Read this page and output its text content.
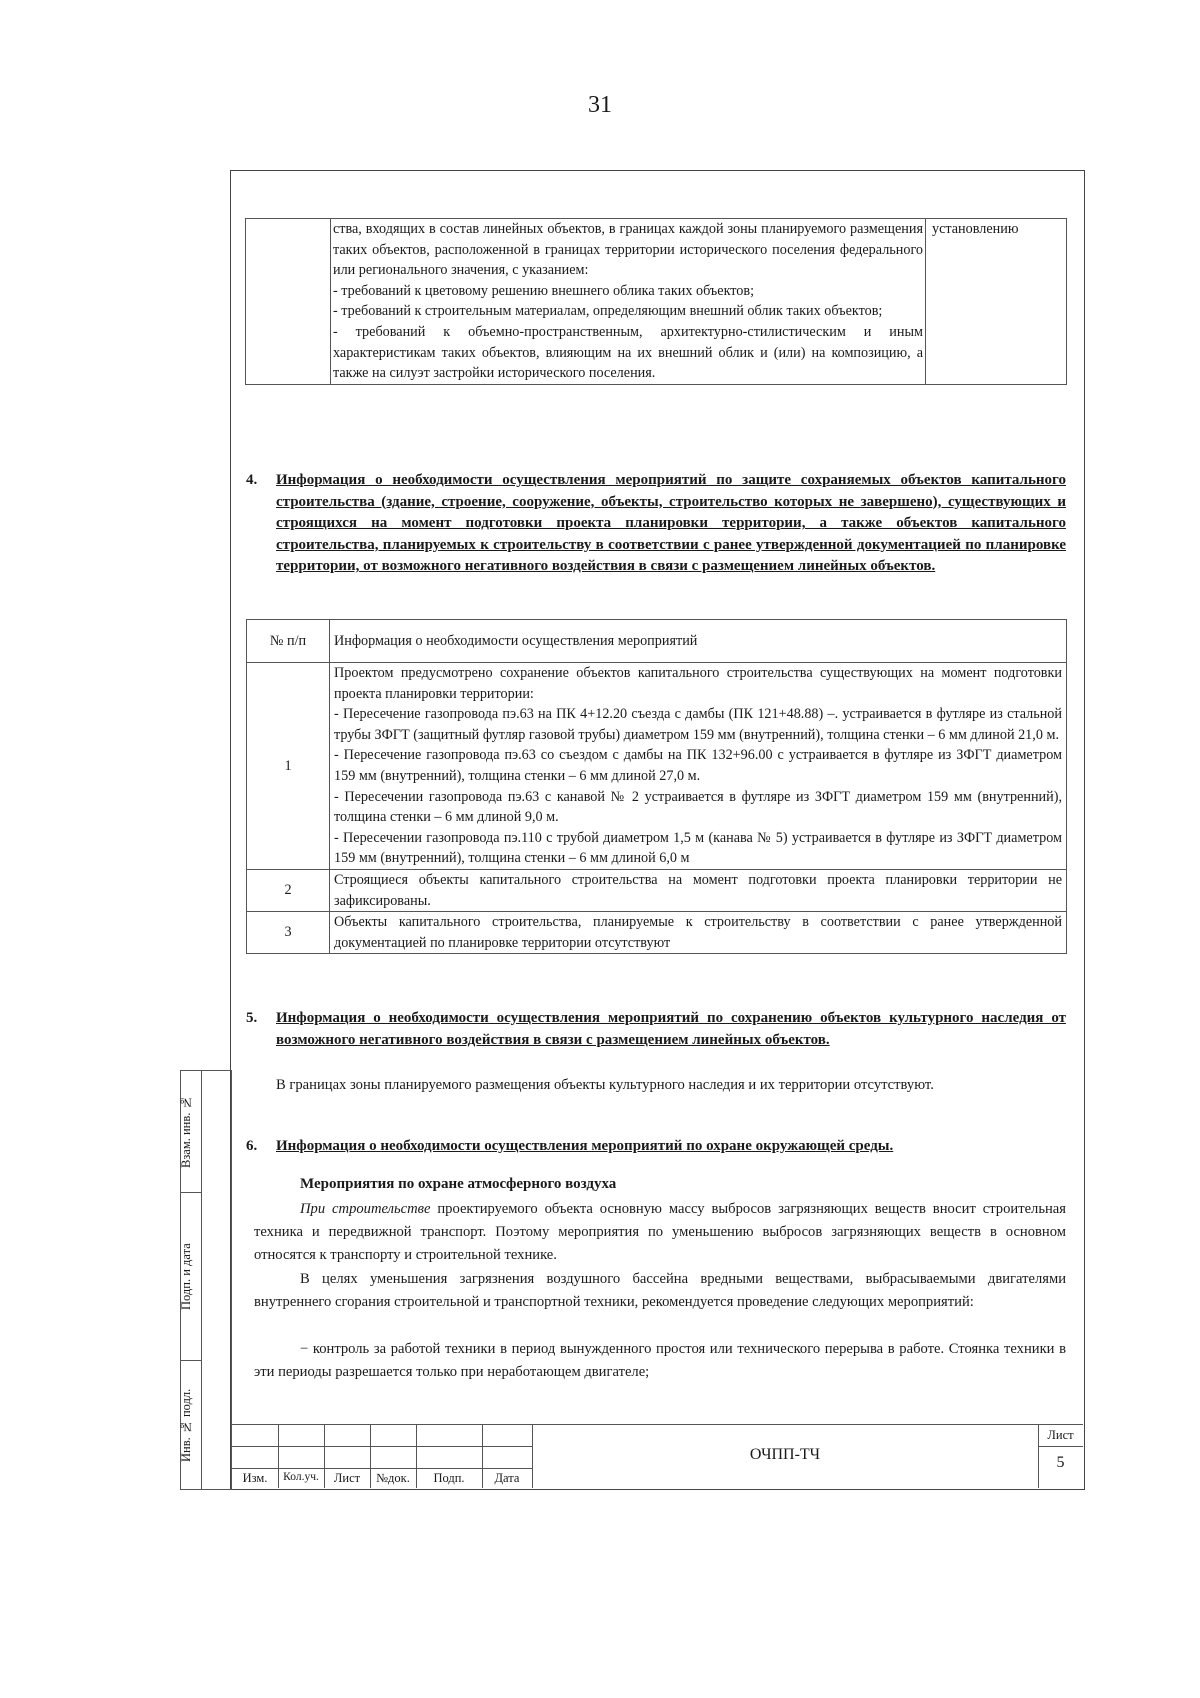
31

ства, входящих в состав линейных объектов, в границах каждой зоны планируемого размещения таких объектов, расположенной в границах территории исторического поселения федерального или регионального значения, с указанием:
- требований к цветовому решению внешнего облика таких объектов;
- требований к строительным материалам, определяющим внешний облик таких объектов;
- требований к объемно-пространственным, архитектурно-стилистическим и иным характеристикам таких объектов, влияющим на их внешний облик и (или) на композицию, а также на силуэт застройки исторического поселения.
	установлению
4. Информация о необходимости осуществления мероприятий по защите сохраняемых объектов капитального строительства (здание, строение, сооружение, объекты, строительство которых не завершено), существующих и строящихся на момент подготовки проекта планировки территории, а также объектов капитального строительства, планируемых к строительству в соответствии с ранее утвержденной документацией по планировке территории, от возможного негативного воздействия в связи с размещением линейных объектов.
№ п/п	Информация о необходимости осуществления мероприятий
1	Проектом предусмотрено сохранение объектов капитального строительства существующих на момент подготовки проекта планировки территории:
- Пересечение газопровода пэ.63 на ПК 4+12.20 съезда с дамбы (ПК 121+48.88) –. устраивается в футляре из стальной трубы ЗФГТ (защитный футляр газовой трубы) диаметром 159 мм (внутренний), толщина стенки – 6 мм длиной 21,0 м.
- Пересечение газопровода пэ.63 со съездом с дамбы на ПК 132+96.00 с устраивается в футляре из ЗФГТ диаметром 159 мм (внутренний), толщина стенки – 6 мм длиной 27,0 м.
- Пересечении газопровода пэ.63 с канавой № 2 устраивается в футляре из ЗФГТ диаметром 159 мм (внутренний), толщина стенки – 6 мм длиной 9,0 м.
- Пересечении газопровода пэ.110 с трубой диаметром 1,5 м (канава № 5) устраивается в футляре из ЗФГТ диаметром 159 мм (внутренний), толщина стенки – 6 мм длиной 6,0 м

2	Строящиеся объекты капитального строительства на момент подготовки проекта планировки территории не зафиксированы.
3	Объекты капитального строительства, планируемые к строительству в соответствии с ранее утвержденной документацией по планировке территории отсутствуют
5. Информация о необходимости осуществления мероприятий по сохранению объектов культурного наследия от возможного негативного воздействия в связи с размещением линейных объектов.
В границах зоны планируемого размещения объекты культурного наследия и их территории отсутствуют.
6. Информация о необходимости осуществления мероприятий по охране окружающей среды.
Мероприятия по охране атмосферного воздуха
При строительстве проектируемого объекта основную массу выбросов загрязняющих веществ вносит строительная техника и передвижной транспорт. Поэтому мероприятия по уменьшению выбросов загрязняющих веществ в основном относятся к транспорту и строительной технике.
В целях уменьшения загрязнения воздушного бассейна вредными веществами, выбрасываемыми двигателями внутреннего сгорания строительной и транспортной техники, рекомендуется проведение следующих мероприятий:
− контроль за работой техники в период вынужденного простоя или технического перерыва в работе. Стоянка техники в эти периоды разрешается только при неработающем двигателе;
Взам. инв. №
Подп. и дата
Инв. № подл.
Изм.	Кол.уч.	Лист	№док.	Подп.	Дата
ОЧПП-ТЧ
Лист
5
